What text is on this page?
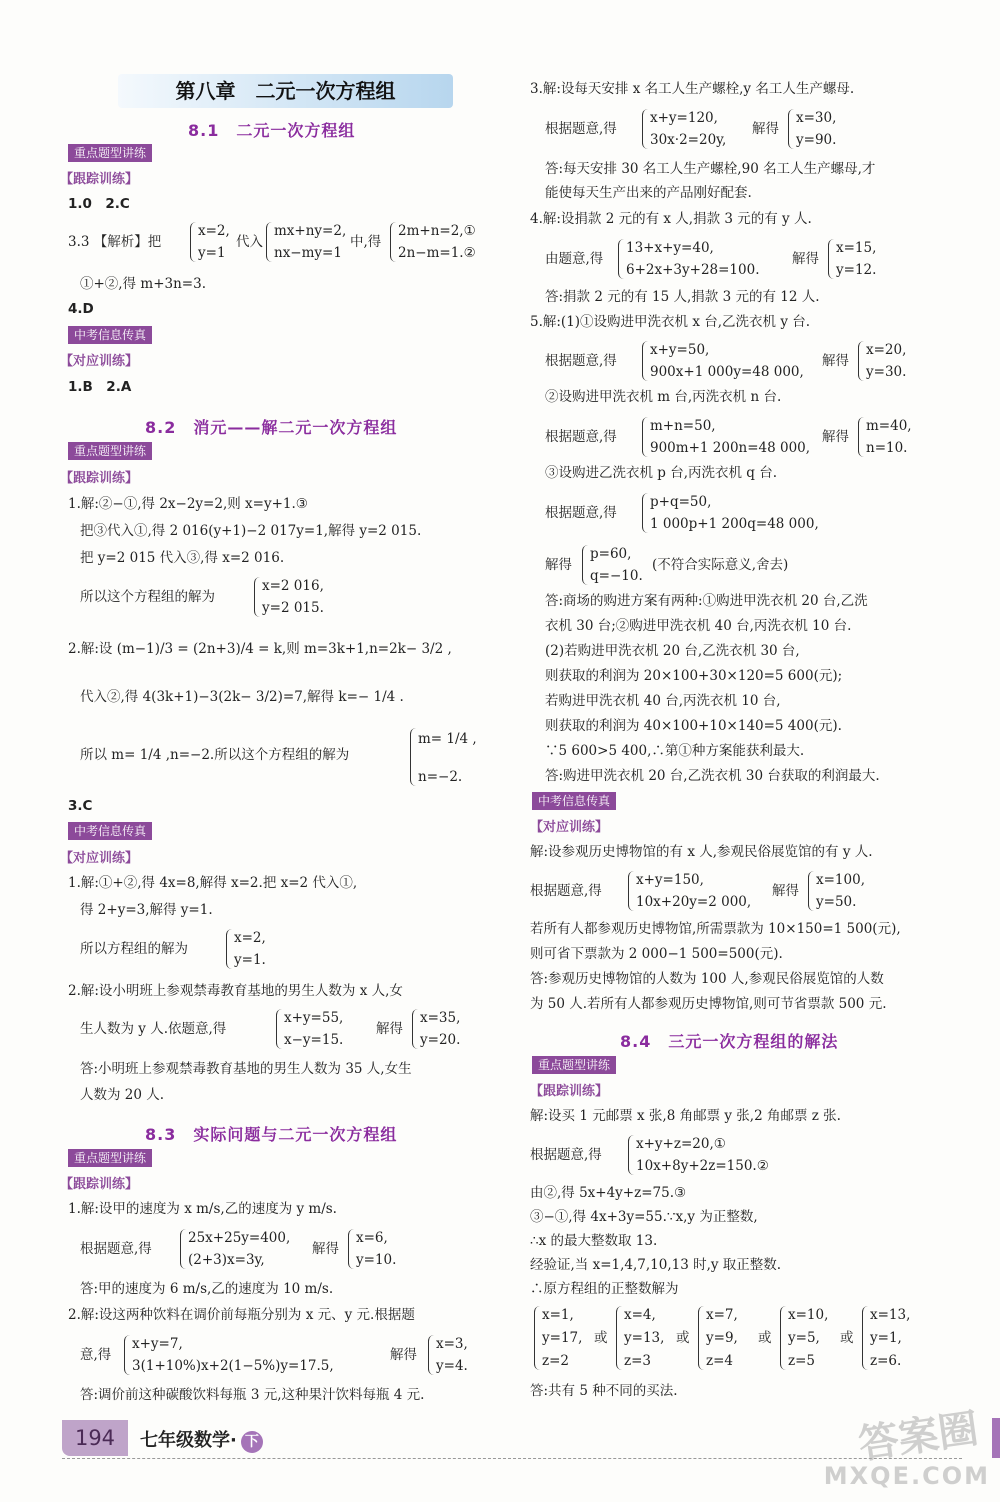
第八章　二元一次方程组
8.1　二元一次方程组
重点题型讲练
【跟踪训练】
1.0　2.C
3.3 【解析】把
x=2,
y=1
代入
mx+ny=2,
nx−my=1
中,得
2m+n=2,①
2n−m=1.②
①+②,得 m+3n=3.
4.D
中考信息传真
【对应训练】
1.B　2.A
8.2　消元——解二元一次方程组
重点题型讲练
【跟踪训练】
1.解:②−①,得 2x−2y=2,则 x=y+1.③
把③代入①,得 2 016(y+1)−2 017y=1,解得 y=2 015.
把 y=2 015 代入③,得 x=2 016.
所以这个方程组的解为
x=2 016,
y=2 015.
2.解:设 (m−1)/3 = (2n+3)/4 = k,则 m=3k+1,n=2k− 3/2 ,
代入②,得 4(3k+1)−3(2k− 3/2)=7,解得 k=− 1/4 .
所以 m= 1/4 ,n=−2.所以这个方程组的解为
m= 1/4 ,
n=−2.
3.C
中考信息传真
【对应训练】
1.解:①+②,得 4x=8,解得 x=2.把 x=2 代入①,
得 2+y=3,解得 y=1.
所以方程组的解为
x=2,
y=1.
2.解:设小明班上参观禁毒教育基地的男生人数为 x 人,女
生人数为 y 人.依题意,得
x+y=55,
x−y=15.
解得
x=35,
y=20.
答:小明班上参观禁毒教育基地的男生人数为 35 人,女生
人数为 20 人.
8.3　实际问题与二元一次方程组
重点题型讲练
【跟踪训练】
1.解:设甲的速度为 x m/s,乙的速度为 y m/s.
根据题意,得
25x+25y=400,
(2+3)x=3y,
解得
x=6,
y=10.
答:甲的速度为 6 m/s,乙的速度为 10 m/s.
2.解:设这两种饮料在调价前每瓶分别为 x 元、y 元.根据题
意,得
x+y=7,
3(1+10%)x+2(1−5%)y=17.5,
解得
x=3,
y=4.
答:调价前这种碳酸饮料每瓶 3 元,这种果汁饮料每瓶 4 元.
3.解:设每天安排 x 名工人生产螺栓,y 名工人生产螺母.
根据题意,得
x+y=120,
30x·2=20y,
解得
x=30,
y=90.
答:每天安排 30 名工人生产螺栓,90 名工人生产螺母,才
能使每天生产出来的产品刚好配套.
4.解:设捐款 2 元的有 x 人,捐款 3 元的有 y 人.
由题意,得
13+x+y=40,
6+2x+3y+28=100.
解得
x=15,
y=12.
答:捐款 2 元的有 15 人,捐款 3 元的有 12 人.
5.解:(1)①设购进甲洗衣机 x 台,乙洗衣机 y 台.
根据题意,得
x+y=50,
900x+1 000y=48 000,
解得
x=20,
y=30.
②设购进甲洗衣机 m 台,丙洗衣机 n 台.
根据题意,得
m+n=50,
900m+1 200n=48 000,
解得
m=40,
n=10.
③设购进乙洗衣机 p 台,丙洗衣机 q 台.
根据题意,得
p+q=50,
1 000p+1 200q=48 000,
解得
p=60,
q=−10.
(不符合实际意义,舍去)
答:商场的购进方案有两种:①购进甲洗衣机 20 台,乙洗
衣机 30 台;②购进甲洗衣机 40 台,丙洗衣机 10 台.
(2)若购进甲洗衣机 20 台,乙洗衣机 30 台,
则获取的利润为 20×100+30×120=5 600(元);
若购进甲洗衣机 40 台,丙洗衣机 10 台,
则获取的利润为 40×100+10×140=5 400(元).
∵5 600>5 400,∴第①种方案能获利最大.
答:购进甲洗衣机 20 台,乙洗衣机 30 台获取的利润最大.
中考信息传真
【对应训练】
解:设参观历史博物馆的有 x 人,参观民俗展览馆的有 y 人.
根据题意,得
x+y=150,
10x+20y=2 000,
解得
x=100,
y=50.
若所有人都参观历史博物馆,所需票款为 10×150=1 500(元),
则可省下票款为 2 000−1 500=500(元).
答:参观历史博物馆的人数为 100 人,参观民俗展览馆的人数
为 50 人.若所有人都参观历史博物馆,则可节省票款 500 元.
8.4　三元一次方程组的解法
重点题型讲练
【跟踪训练】
解:设买 1 元邮票 x 张,8 角邮票 y 张,2 角邮票 z 张.
根据题意,得
x+y+z=20,①
10x+8y+2z=150.②
由②,得 5x+4y+z=75.③
③−①,得 4x+3y=55.∵x,y 为正整数,
∴x 的最大整数取 13.
经验证,当 x=1,4,7,10,13 时,y 取正整数.
∴原方程组的正整数解为
x=1,
y=17,
z=2
或
x=4,
y=13,
z=3
或
x=7,
y=9,
z=4
或
x=10,
y=5,
z=5
或
x=13,
y=1,
z=6.
答:共有 5 种不同的买法.
194	七年级数学· 下	答案圈
MXQE.COM
